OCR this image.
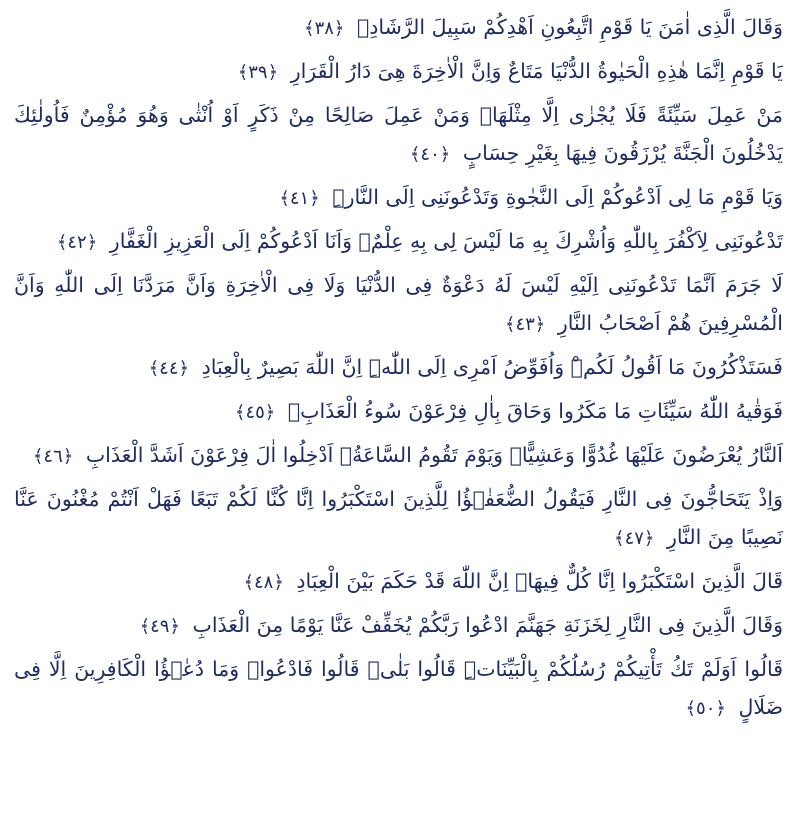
وَقَالَ الَّذِى اٰمَنَ يَا قَوْمِ اتَّبِعُونِ اَهْدِكُمْ سَبِيلَ الرَّشَادِۚ ﴿٣٨﴾

يَا قَوْمِ اِنَّمَا هٰذِهِ الْحَيٰوةُ الدُّنْيَا مَتَاعٌ وَاِنَّ الْاٰخِرَةَ هِىَ دَارُ الْقَرَارِ ﴿٣٩﴾

مَنْ عَمِلَ سَيِّئَةً فَلَا يُجْزٰى اِلَّا مِثْلَهَاۚ وَمَنْ عَمِلَ صَالِحًا مِنْ ذَكَرٍ اَوْ اُنْثٰى وَهُوَ مُؤْمِنٌ فَاُولٰئِكَ يَدْخُلُونَ الْجَنَّةَ يُرْزَقُونَ فِيهَا بِغَيْرِ حِسَابٍ ﴿٤٠﴾

وَيَا قَوْمِ مَا لِى اَدْعُوكُمْ اِلَى النَّجٰوةِ وَتَدْعُونَنِى اِلَى النَّارِۜ ﴿٤١﴾

تَدْعُونَنِى لِاَكْفُرَ بِاللّٰهِ وَاُشْرِكَ بِهِ مَا لَيْسَ لِى بِهِ عِلْمٌۘ وَاَنَا اَدْعُوكُمْ اِلَى الْعَزِيزِ الْغَفَّارِ ﴿٤٢﴾

لَا جَرَمَ اَنَّمَا تَدْعُونَنِى اِلَيْهِ لَيْسَ لَهُ دَعْوَةٌ فِى الدُّنْيَا وَلَا فِى الْاٰخِرَةِ وَاَنَّ مَرَدَّنَا اِلَى اللّٰهِ وَاَنَّ الْمُسْرِفِينَ هُمْ اَصْحَابُ النَّارِ ﴿٤٣﴾

فَسَتَذْكُرُونَ مَا اَقُولُ لَكُمْۜ وَاُفَوِّضُ اَمْرِى اِلَى اللّٰهِۜ اِنَّ اللّٰهَ بَصِيرٌ بِالْعِبَادِ ﴿٤٤﴾

فَوَقٰيهُ اللّٰهُ سَيِّئَاتِ مَا مَكَرُوا وَحَاقَ بِاٰلِ فِرْعَوْنَ سُوءُ الْعَذَابِۚ ﴿٤٥﴾

اَلنَّارُ يُعْرَضُونَ عَلَيْهَا غُدُوًّا وَعَشِيًّاۚ وَيَوْمَ تَقُومُ السَّاعَةُ۠ اَدْخِلُوا اٰلَ فِرْعَوْنَ اَشَدَّ الْعَذَابِ ﴿٤٦﴾

وَاِذْ يَتَحَاجُّونَ فِى النَّارِ فَيَقُولُ الضُّعَفٰۤؤُا لِلَّذِينَ اسْتَكْبَرُوا اِنَّا كُنَّا لَكُمْ تَبَعًا فَهَلْ اَنْتُمْ مُغْنُونَ عَنَّا نَصِيبًا مِنَ النَّارِ ﴿٤٧﴾

قَالَ الَّذِينَ اسْتَكْبَرُوا اِنَّا كُلٌّ فِيهَاۙ اِنَّ اللّٰهَ قَدْ حَكَمَ بَيْنَ الْعِبَادِ ﴿٤٨﴾

وَقَالَ الَّذِينَ فِى النَّارِ لِخَزَنَةِ جَهَنَّمَ ادْعُوا رَبَّكُمْ يُخَفِّفْ عَنَّا يَوْمًا مِنَ الْعَذَابِ ﴿٤٩﴾

قَالُوا اَوَلَمْ تَكُ تَأْتِيكُمْ رُسُلُكُمْ بِالْبَيِّنَاتِۜ قَالُوا بَلٰىۜ قَالُوا فَادْعُواۚ وَمَا دُعٰۤؤُا الْكَافِرِينَ اِلَّا فِى ضَلَالٍ ﴿٥٠﴾
